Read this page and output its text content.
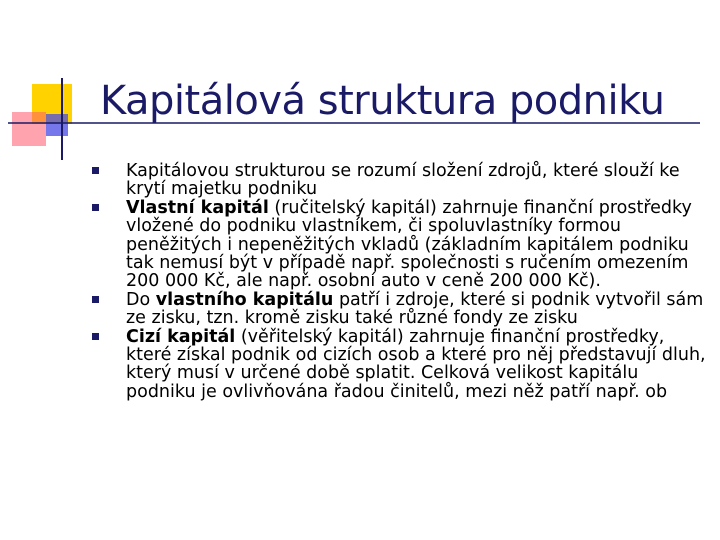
Kapitálová struktura podniku
Kapitálovou strukturou se rozumí složení zdrojů, které slouží ke krytí majetku podniku
Vlastní kapitál (ručitelský kapitál) zahrnuje finanční prostředky vložené do podniku vlastníkem, či spoluvlastníky formou peněžitých i nepeněžitých vkladů (základním kapitálem podniku tak nemusí být v případě např. společnosti s ručením omezením 200 000 Kč, ale např. osobní auto v ceně 200 000 Kč).
Do vlastního kapitálu patří i zdroje, které si podnik vytvořil sám ze zisku, tzn. kromě zisku také různé fondy ze zisku
Cizí kapitál (věřitelský kapitál) zahrnuje finanční prostředky, které získal podnik od cizích osob a které pro něj představují dluh, který musí v určené době splatit. Celková velikost kapitálu podniku je ovlivňována řadou činitelů, mezi něž patří např. ob
